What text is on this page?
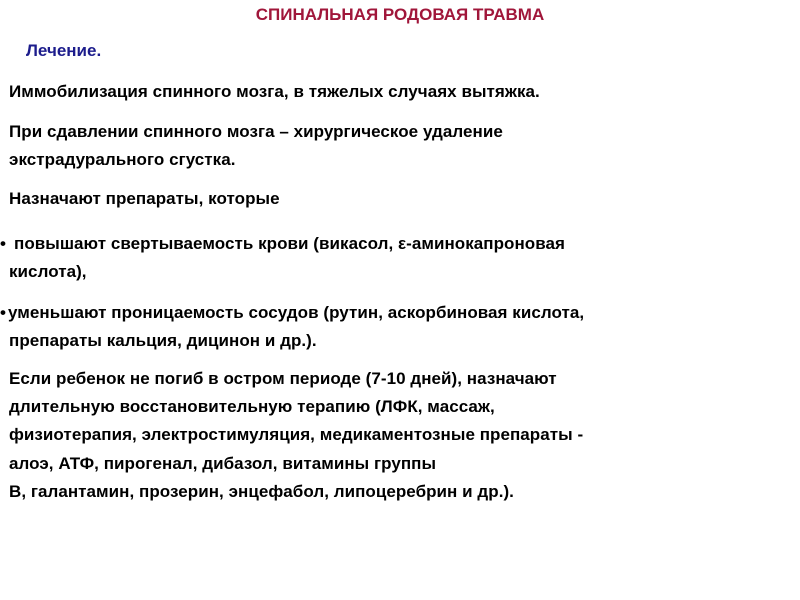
СПИНАЛЬНАЯ РОДОВАЯ ТРАВМА
Лечение.
Иммобилизация спинного мозга, в тяжелых случаях вытяжка.
При сдавлении спинного мозга – хирургическое удаление
экстрадурального сгустка.
Назначают препараты, которые
• повышают свертываемость крови (викасол, ε-аминокапроновая
кислота),
• уменьшают проницаемость сосудов (рутин, аскорбиновая кислота,
препараты кальция, дицинон и др.).
Если ребенок не погиб в остром периоде (7-10 дней), назначают
длительную восстановительную терапию (ЛФК, массаж,
физиотерапия, электростимуляция, медикаментозные препараты -
алоэ, АТФ, пирогенал, дибазол, витамины группы
В, галантамин, прозерин, энцефабол, липоцеребрин и др.).
